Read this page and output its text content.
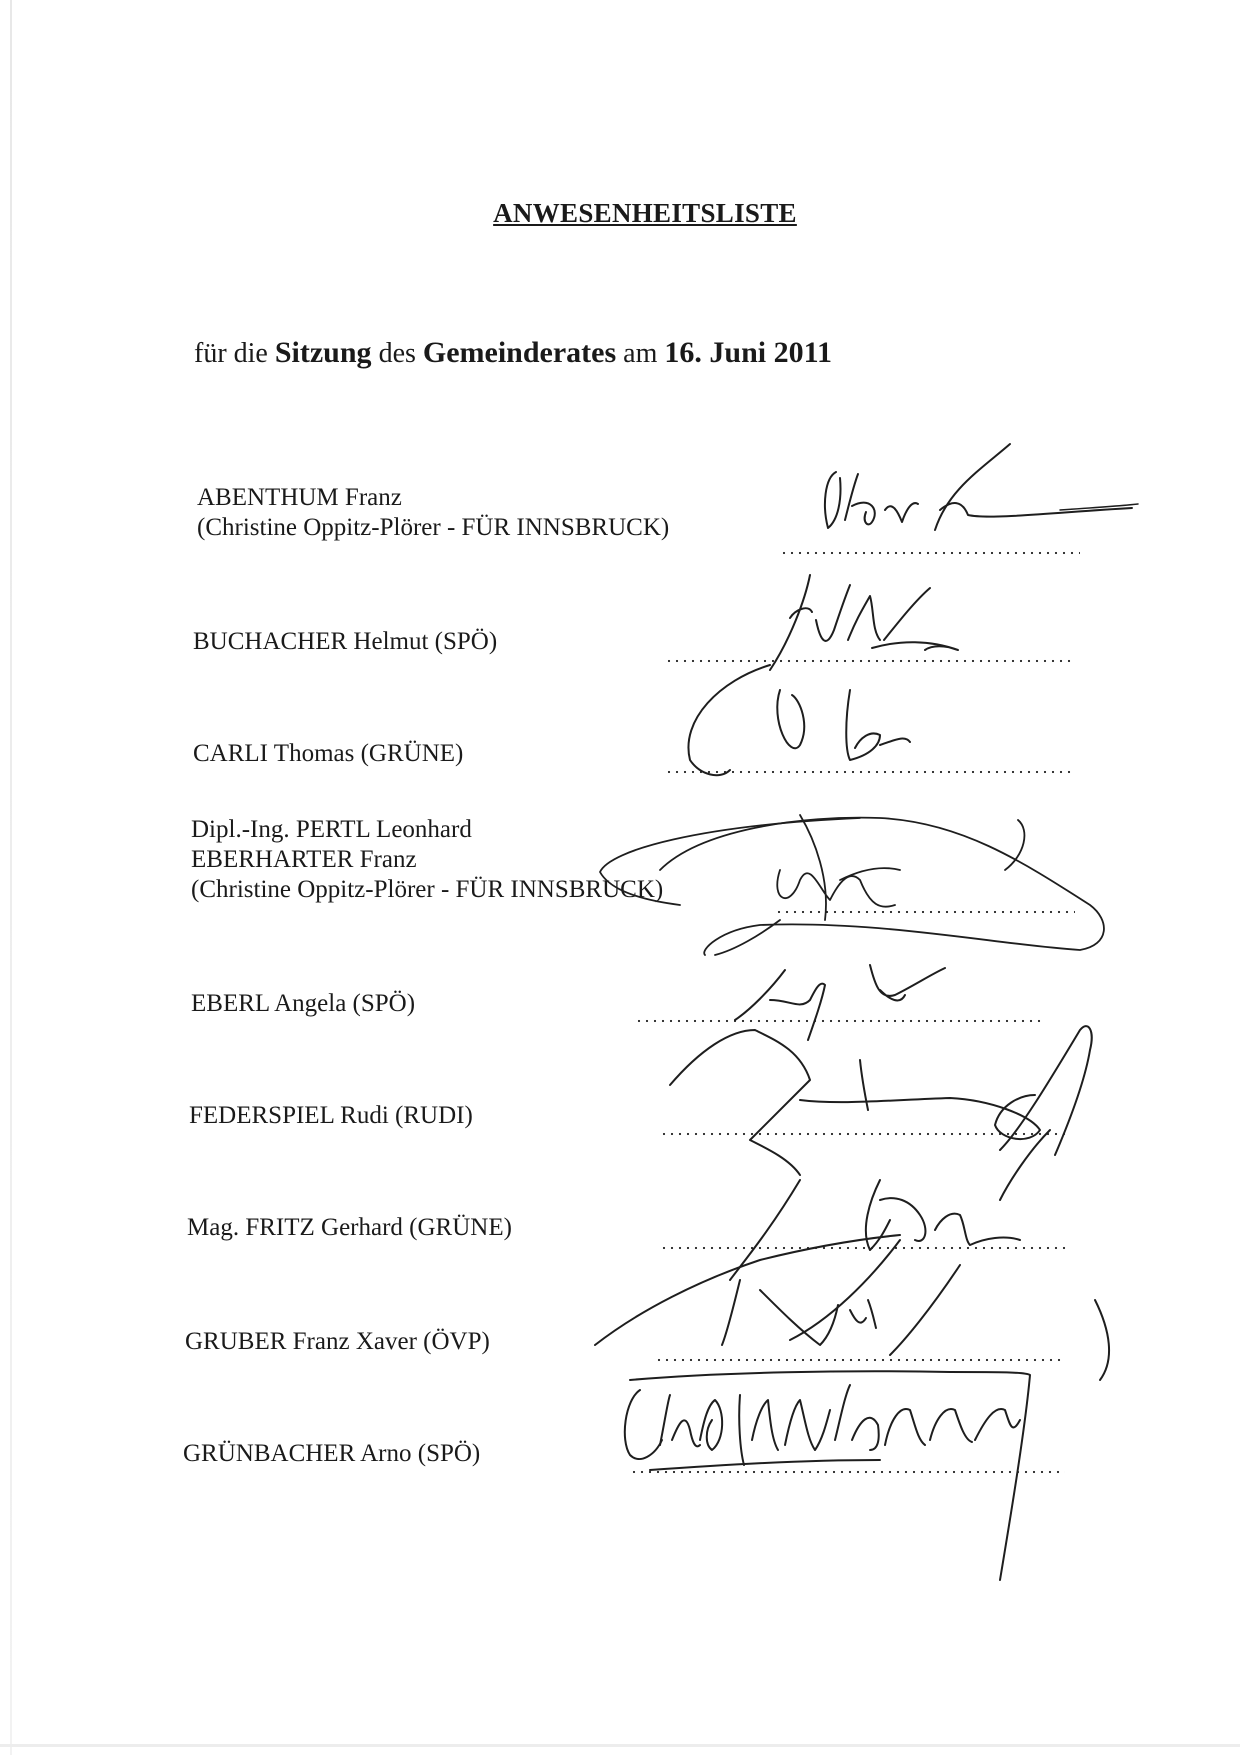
ANWESENHEITSLISTE
für die Sitzung des Gemeinderates am 16. Juni 2011
ABENTHUM Franz
(Christine Oppitz-Plörer - FÜR INNSBRUCK)
BUCHACHER Helmut (SPÖ)
CARLI Thomas (GRÜNE)
Dipl.-Ing. PERTL Leonhard
EBERHARTER Franz
(Christine Oppitz-Plörer - FÜR INNSBRUCK)
EBERL Angela (SPÖ)
FEDERSPIEL Rudi (RUDI)
Mag. FRITZ Gerhard (GRÜNE)
GRUBER Franz Xaver (ÖVP)
GRÜNBACHER Arno (SPÖ)
